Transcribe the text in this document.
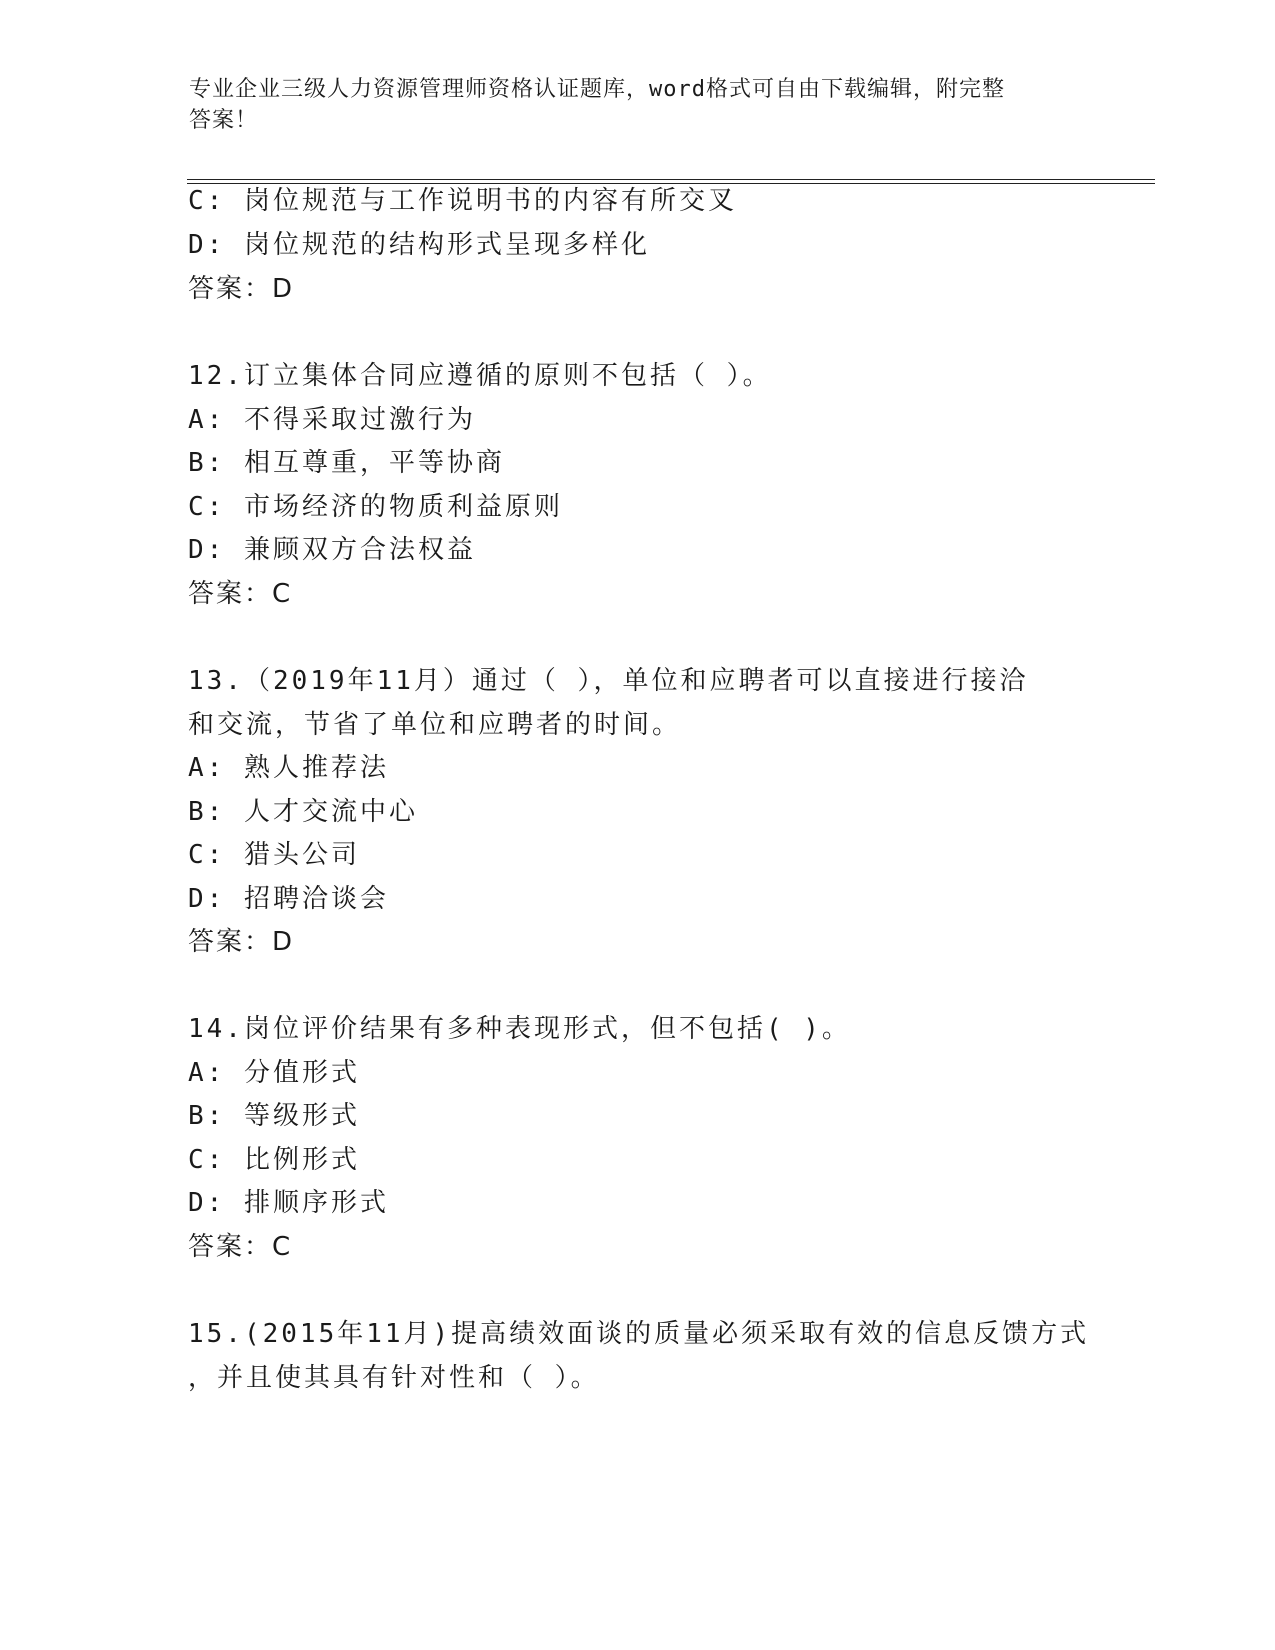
专业企业三级人力资源管理师资格认证题库，word格式可自由下载编辑，附完整
答案！
C: 岗位规范与工作说明书的内容有所交叉
D: 岗位规范的结构形式呈现多样化
答案：D
12.订立集体合同应遵循的原则不包括（ ）。
A: 不得采取过激行为
B: 相互尊重，平等协商
C: 市场经济的物质利益原则
D: 兼顾双方合法权益
答案：C
13.（2019年11月）通过（ ），单位和应聘者可以直接进行接洽
和交流，节省了单位和应聘者的时间。
A: 熟人推荐法
B: 人才交流中心
C: 猎头公司
D: 招聘洽谈会
答案：D
14.岗位评价结果有多种表现形式，但不包括( )。
A: 分值形式
B: 等级形式
C: 比例形式
D: 排顺序形式
答案：C
15.(2015年11月)提高绩效面谈的质量必须采取有效的信息反馈方式
，并且使其具有针对性和（ ）。
